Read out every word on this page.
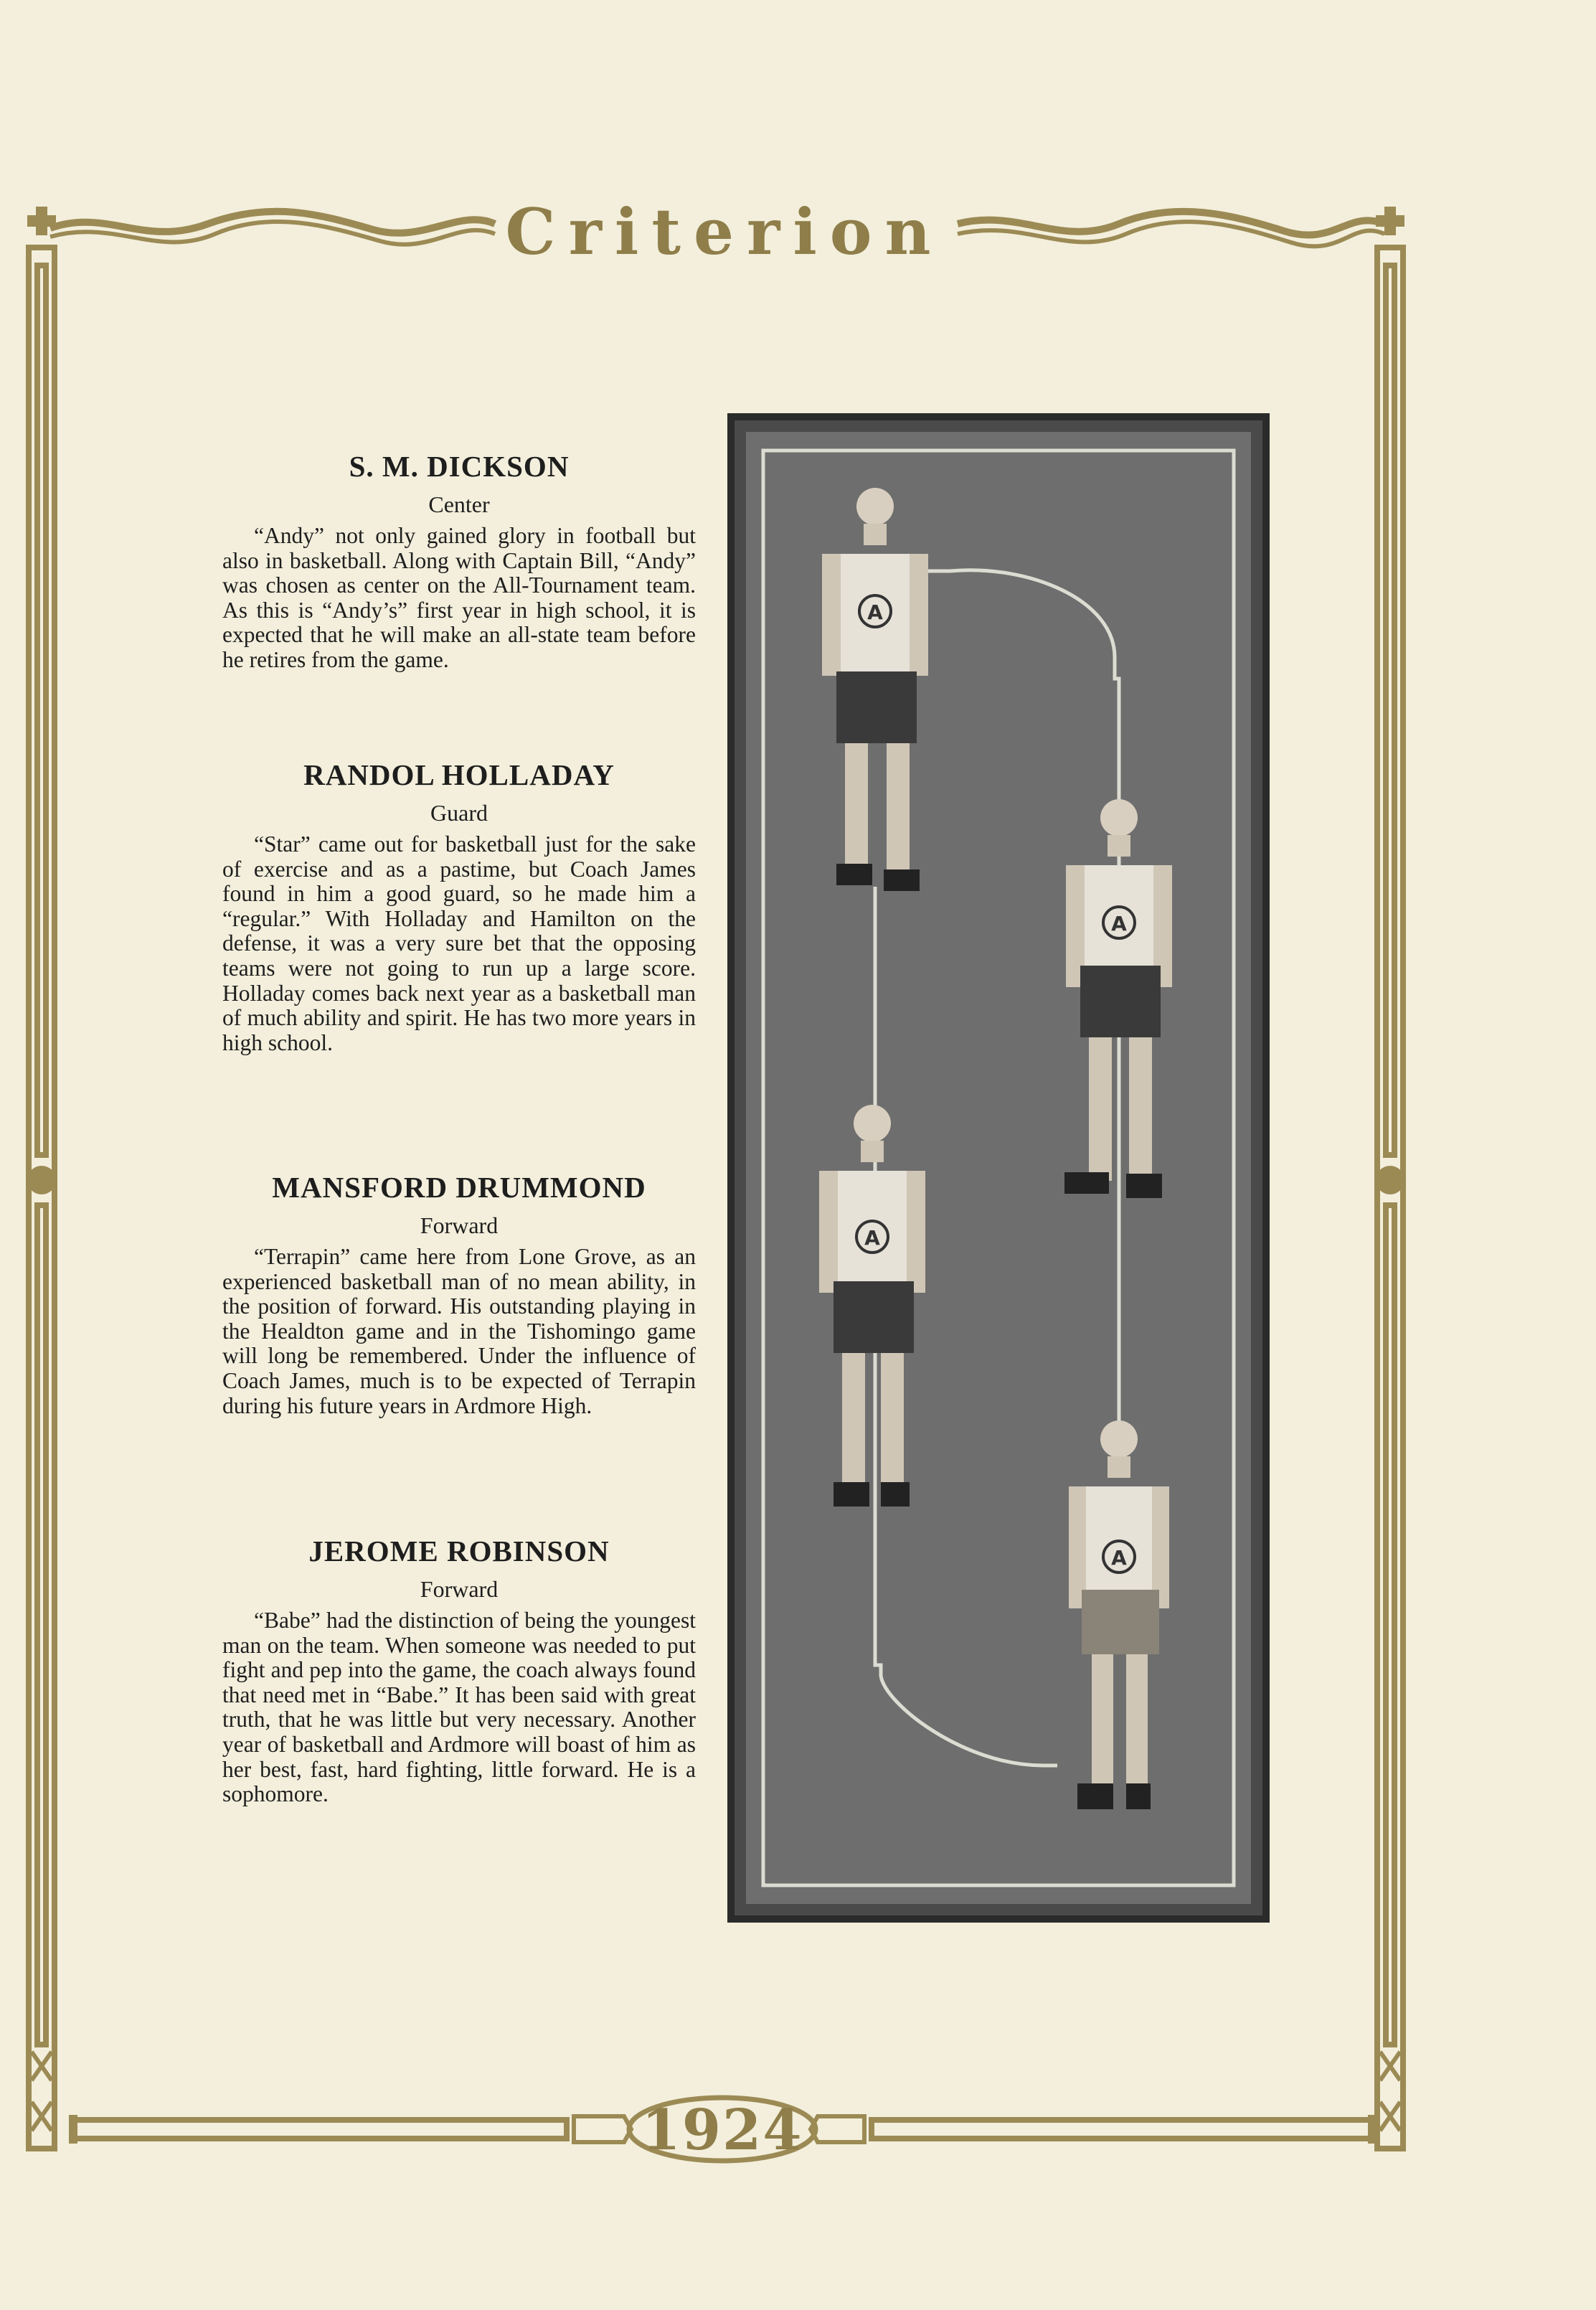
Criterion
1924
S. M. DICKSON
Center

“Andy” not only gained glory in football but also in basketball. Along with Captain Bill, “Andy” was chosen as center on the All-Tournament team. As this is “Andy’s” first year in high school, it is expected that he will make an all-state team before he retires from the game.

RANDOL HOLLADAY
Guard

“Star” came out for basketball just for the sake of exercise and as a pastime, but Coach James found in him a good guard, so he made him a “regular.” With Holladay and Hamilton on the defense, it was a very sure bet that the opposing teams were not going to run up a large score. Holladay comes back next year as a basketball man of much ability and spirit. He has two more years in high school.

MANSFORD DRUMMOND
Forward

“Terrapin” came here from Lone Grove, as an experienced basketball man of no mean ability, in the position of forward. His outstanding playing in the Healdton game and in the Tishomingo game will long be remembered. Under the influence of Coach James, much is to be expected of Terrapin during his future years in Ardmore High.

JEROME ROBINSON
Forward

“Babe” had the distinction of being the youngest man on the team. When someone was needed to put fight and pep into the game, the coach always found that need met in “Babe.” It has been said with great truth, that he was little but very necessary. Another year of basketball and Ardmore will boast of him as her best, fast, hard fighting, little forward. He is a sophomore.

A
A
A
A
